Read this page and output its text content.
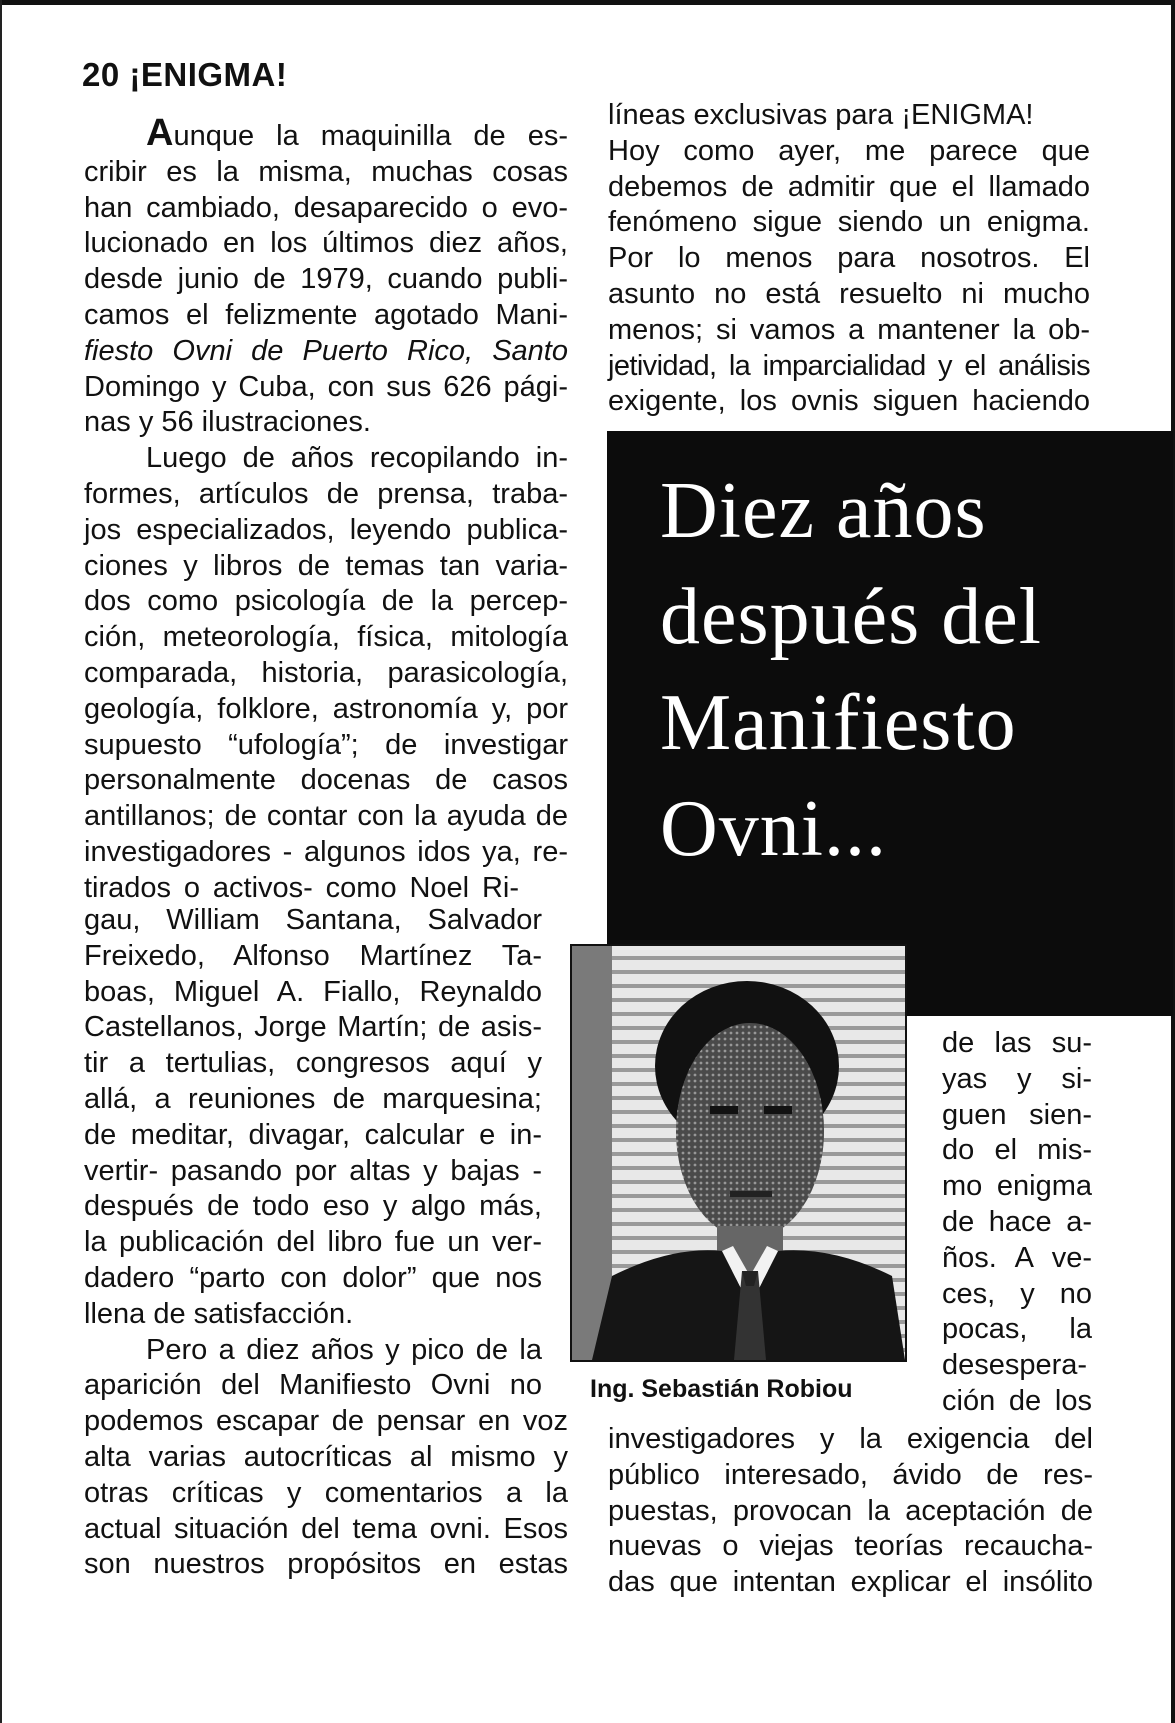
20 ¡ENIGMA!

Aunque la maquinilla de es-
cribir es la misma, muchas cosas
han cambiado, desaparecido o evo-
lucionado en los últimos diez años,
desde junio de 1979, cuando publi-
camos el felizmente agotado Mani-
fiesto Ovni de Puerto Rico, Santo
Domingo y Cuba, con sus 626 pági-
nas y 56 ilustraciones.
Luego de años recopilando in-
formes, artículos de prensa, traba-
jos especializados, leyendo publica-
ciones y libros de temas tan varia-
dos como psicología de la percep-
ción, meteorología, física, mitología
comparada, historia, parasicología,
geología, folklore, astronomía y, por
supuesto “ufología”; de investigar
personalmente docenas de casos
antillanos; de contar con la ayuda de
investigadores - algunos idos ya, re-
tirados o activos- como Noel Ri-

gau, William Santana, Salvador
Freixedo, Alfonso Martínez Ta-
boas, Miguel A. Fiallo, Reynaldo
Castellanos, Jorge Martín; de asis-
tir a tertulias, congresos aquí y
allá, a reuniones de marquesina;
de meditar, divagar, calcular e in-
vertir- pasando por altas y bajas -
después de todo eso y algo más,
la publicación del libro fue un ver-
dadero “parto con dolor” que nos
llena de satisfacción.
Pero a diez años y pico de la
aparición del Manifiesto Ovni no
podemos escapar de pensar en voz
alta varias autocríticas al mismo y
otras críticas y comentarios a la
actual situación del tema ovni. Esos
son nuestros propósitos en estas

líneas exclusivas para ¡ENIGMA!
Hoy como ayer, me parece que
debemos de admitir que el llamado
fenómeno sigue siendo un enigma.
Por lo menos para nosotros. El
asunto no está resuelto ni mucho
menos; si vamos a mantener la ob-
jetividad, la imparcialidad y el análisis
exigente, los ovnis siguen haciendo

Diez años
después del
Manifiesto
Ovni...
Ing. Sebastián Robiou

de las su-
yas y si-
guen sien-
do el mis-
mo enigma
de hace a-
ños. A ve-
ces, y no
pocas, la
desespera-
ción de los

investigadores y la exigencia del
público interesado, ávido de res-
puestas, provocan la aceptación de
nuevas o viejas teorías recaucha-
das que intentan explicar el insólito
